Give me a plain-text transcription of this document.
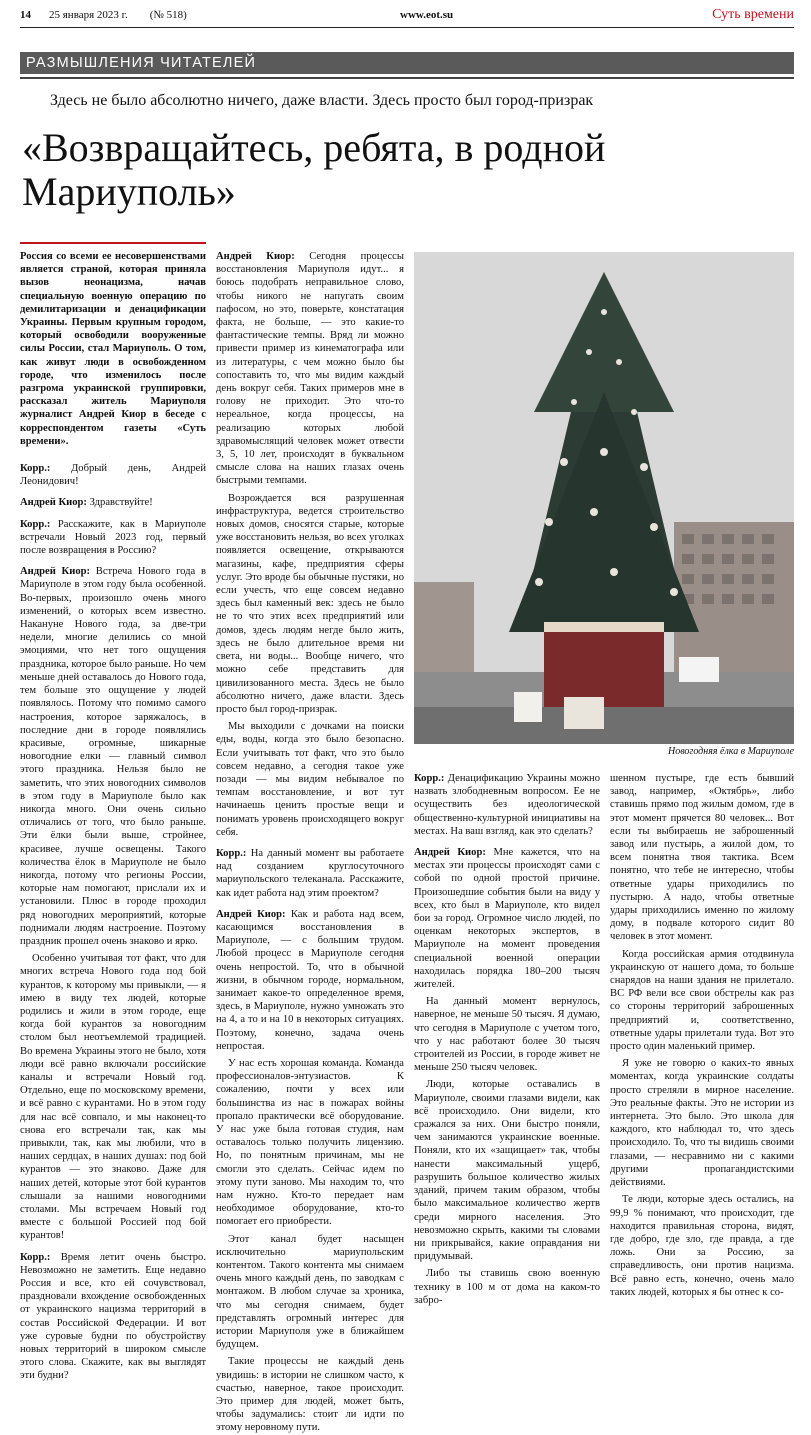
14 25 января 2023 г. (№ 518)	www.eot.su	Суть времени
РАЗМЫШЛЕНИЯ ЧИТАТЕЛЕЙ
Здесь не было абсолютно ничего, даже власти. Здесь просто был город-призрак
«Возвращайтесь, ребята, в родной Мариуполь»

Россия со всеми ее несовершенствами является страной, которая приняла вызов неонацизма, начав специальную военную операцию по демилитаризации и денацификации Украины. Первым крупным городом, который освободили вооруженные силы России, стал Мариуполь. О том, как живут люди в освобожденном городе, что изменилось после разгрома украинской группировки, рассказал житель Мариуполя журналист Андрей Киор в беседе с корреспондентом газеты «Суть времени».

Корр.: Добрый день, Андрей Леонидович!

Андрей Киор: Здравствуйте!

Корр.: Расскажите, как в Мариуполе встречали Новый 2023 год, первый после возвращения в Россию?

Андрей Киор: Встреча Нового года в Мариуполе в этом году была особенной. Во-первых, произошло очень много изменений, о которых всем известно. Накануне Нового года, за две-три недели, многие делились со мной эмоциями, что нет того ощущения праздника, которое было раньше. Но чем меньше дней оставалось до Нового года, тем больше это ощущение у людей появлялось. Потому что помимо самого настроения, которое заряжалось, в последние дни в городе появлялись красивые, огромные, шикарные новогодние елки — главный символ этого праздника. Нельзя было не заметить, что этих новогодних символов в этом году в Мариуполе было как никогда много. Они очень сильно отличались от того, что было раньше. Эти ёлки были выше, стройнее, красивее, лучше освещены. Такого количества ёлок в Мариуполе не было никогда, потому что регионы России, которые нам помогают, прислали их и установили. Плюс в городе проходил ряд новогодних мероприятий, которые поднимали людям настроение. Поэтому праздник прошел очень знаково и ярко.

Особенно учитывая тот факт, что для многих встреча Нового года под бой курантов, к которому мы привыкли, — я имею в виду тех людей, которые родились и жили в этом городе, еще когда бой курантов за новогодним столом был неотъемлемой традицией. Во времена Украины этого не было, хотя люди всё равно включали российские каналы и встречали Новый год. Отдельно, еще по московскому времени, и всё равно с курантами. Но в этом году для нас всё совпало, и мы наконец-то снова его встречали так, как мы привыкли, так, как мы любили, что в наших сердцах, в наших душах: под бой курантов — это знаково. Даже для наших детей, которые этот бой курантов слышали за нашими новогодними столами. Мы встречаем Новый год вместе с большой Россией под бой курантов!

Корр.: Время летит очень быстро. Невозможно не заметить. Еще недавно Россия и все, кто ей сочувствовал, праздновали вхождение освобожденных от украинского нацизма территорий в состав Российской Федерации. И вот уже суровые будни по обустройству новых территорий в широком смысле этого слова. Скажите, как вы выглядят эти будни?

Андрей Киор: Сегодня процессы восстановления Мариуполя идут... я боюсь подобрать неправильное слово, чтобы никого не напугать своим пафосом, но это, поверьте, констатация факта, не больше, — это какие-то фантастические темпы. Вряд ли можно привести пример из кинематографа или из литературы, с чем можно было бы сопоставить то, что мы видим каждый день вокруг себя. Таких примеров мне в голову не приходит. Это что-то нереальное, когда процессы, на реализацию которых любой здравомыслящий человек может отвести 3, 5, 10 лет, происходят в буквальном смысле слова на наших глазах очень быстрыми темпами.

Возрождается вся разрушенная инфраструктура, ведется строительство новых домов, сносятся старые, которые уже восстановить нельзя, во всех уголках появляется освещение, открываются магазины, кафе, предприятия сферы услуг. Это вроде бы обычные пустяки, но если учесть, что еще совсем недавно здесь был каменный век: здесь не было не то что этих всех предприятий или домов, здесь людям негде было жить, здесь не было длительное время ни света, ни воды... Вообще ничего, что можно себе представить для цивилизованного места. Здесь не было абсолютно ничего, даже власти. Здесь просто был город-призрак.

Мы выходили с дочками на поиски еды, воды, когда это было безопасно. Если учитывать тот факт, что это было совсем недавно, а сегодня такое уже позади — мы видим небывалое по темпам восстановление, и вот тут начинаешь ценить простые вещи и понимать уровень происходящего вокруг себя.

Корр.: На данный момент вы работаете над созданием круглосуточного мариупольского телеканала. Расскажите, как идет работа над этим проектом?

Андрей Киор: Как и работа над всем, касающимся восстановления в Мариуполе, — с большим трудом. Любой процесс в Мариуполе сегодня очень непростой. То, что в обычной жизни, в обычном городе, нормальном, занимает какое-то определенное время, здесь, в Мариуполе, нужно умножать это на 4, а то и на 10 в некоторых ситуациях. Поэтому, конечно, задача очень непростая.

У нас есть хорошая команда. Команда профессионалов-энтузиастов. К сожалению, почти у всех или большинства из нас в пожарах войны пропало практически всё оборудование. У нас уже была готовая студия, нам оставалось только получить лицензию. Но, по понятным причинам, мы не смогли это сделать. Сейчас идем по этому пути заново. Мы находим то, что нам нужно. Кто-то передает нам необходимое оборудование, кто-то помогает его приобрести.

Этот канал будет насыщен исключительно мариупольским контентом. Такого контента мы снимаем очень много каждый день, по заводкам с монтажом. В любом случае за хроника, что мы сегодня снимаем, будет представлять огромный интерес для истории Мариуполя уже в ближайшем будущем.

Такие процессы не каждый день увидишь: в истории не слишком часто, к счастью, наверное, такое происходит. Это пример для людей, может быть, чтобы задумались: стоит ли идти по этому неровному пути.

Новогодняя ёлка в Мариуполе

Корр.: Денацификацию Украины можно назвать злободневным вопросом. Ее не осуществить без идеологической общественно-культурной инициативы на местах. На ваш взгляд, как это сделать?

Андрей Киор: Мне кажется, что на местах эти процессы происходят сами с собой по одной простой причине. Произошедшие события были на виду у всех, кто был в Мариуполе, кто видел бои за город. Огромное число людей, по оценкам некоторых экспертов, в Мариуполе на момент проведения специальной военной операции находилась порядка 180–200 тысяч жителей.

На данный момент вернулось, наверное, не меньше 50 тысяч. Я думаю, что сегодня в Мариуполе с учетом того, что у нас работают более 30 тысяч строителей из России, в городе живет не меньше 250 тысяч человек.

Люди, которые оставались в Мариуполе, своими глазами видели, как всё происходило. Они видели, кто сражался за них. Они быстро поняли, чем занимаются украинские военные. Поняли, кто их «защищает» так, чтобы нанести максимальный ущерб, разрушить большое количество жилых зданий, причем таким образом, чтобы было максимальное количество жертв среди мирного населения. Это невозможно скрыть, какими ты словами ни прикрывайся, какие оправдания ни придумывай.

Либо ты ставишь свою военную технику в 100 м от дома на каком-то забро-

шенном пустыре, где есть бывший завод, например, «Октябрь», либо ставишь прямо под жилым домом, где в этот момент прячется 80 человек... Вот если ты выбираешь не заброшенный завод или пустырь, а жилой дом, то всем понятна твоя тактика. Всем понятно, что тебе не интересно, чтобы ответные удары приходились по пустырю. А надо, чтобы ответные удары приходились именно по жилому дому, в подвале которого сидит 80 человек в этот момент.

Когда российская армия отодвинула украинскую от нашего дома, то больше снарядов на наши здания не прилетало. ВС РФ вели все свои обстрелы как раз со стороны территорий заброшенных предприятий и, соответственно, ответные удары прилетали туда. Вот это просто один маленький пример.

Я уже не говорю о каких-то явных моментах, когда украинские солдаты просто стреляли в мирное население. Это реальные факты. Это не истории из интернета. Это было. Это школа для каждого, кто наблюдал то, что здесь происходило. То, что ты видишь своими глазами, — несравнимо ни с какими другими пропагандистскими действиями.

Те люди, которые здесь остались, на 99,9 % понимают, что происходит, где находится правильная сторона, видят, где добро, где зло, где правда, а где ложь. Они за Россию, за справедливость, они против нацизма. Всё равно есть, конечно, очень мало таких людей, которых я бы отнес к со-
